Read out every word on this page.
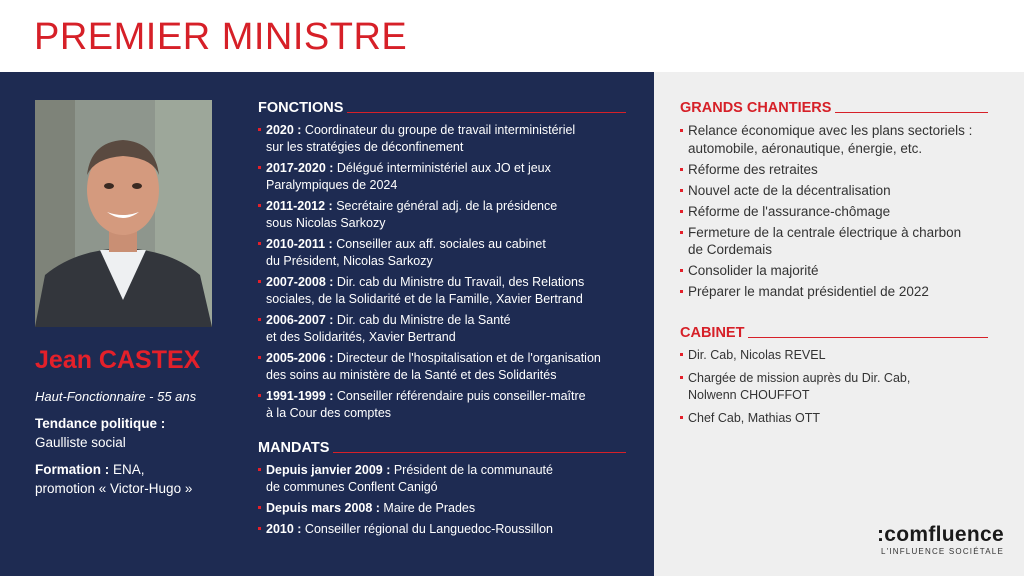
PREMIER MINISTRE
Jean CASTEX
Haut-Fonctionnaire - 55 ans
Tendance politique :
Gaulliste social
Formation : ENA,
promotion « Victor-Hugo »
FONCTIONS
2020 : Coordinateur du groupe de travail interministériel
sur les stratégies de déconfinement
2017-2020 : Délégué interministériel aux JO et jeux
Paralympiques de 2024
2011-2012 : Secrétaire général adj. de la présidence
sous Nicolas Sarkozy
2010-2011 : Conseiller aux aff. sociales au cabinet
du Président, Nicolas Sarkozy
2007-2008 : Dir. cab du Ministre du Travail, des Relations
sociales, de la Solidarité et de la Famille, Xavier Bertrand
2006-2007 : Dir. cab du Ministre de la Santé
et des Solidarités, Xavier Bertrand
2005-2006 : Directeur de l'hospitalisation et de l'organisation
des soins au ministère de la Santé et des Solidarités
1991-1999 : Conseiller référendaire puis conseiller-maître
à la Cour des comptes
MANDATS
Depuis janvier 2009 : Président de la communauté
de communes Conflent Canigó
Depuis mars 2008 : Maire de Prades
2010 : Conseiller régional du Languedoc-Roussillon
GRANDS CHANTIERS
Relance économique avec les plans sectoriels :
automobile, aéronautique, énergie, etc.
Réforme des retraites
Nouvel acte de la décentralisation
Réforme de l'assurance-chômage
Fermeture de la centrale électrique à charbon
de Cordemais
Consolider la majorité
Préparer le mandat présidentiel de 2022
CABINET
Dir. Cab, Nicolas REVEL
Chargée de mission auprès du Dir. Cab,
Nolwenn CHOUFFOT
Chef Cab, Mathias OTT
:comfluence
L'INFLUENCE SOCIÉTALE
